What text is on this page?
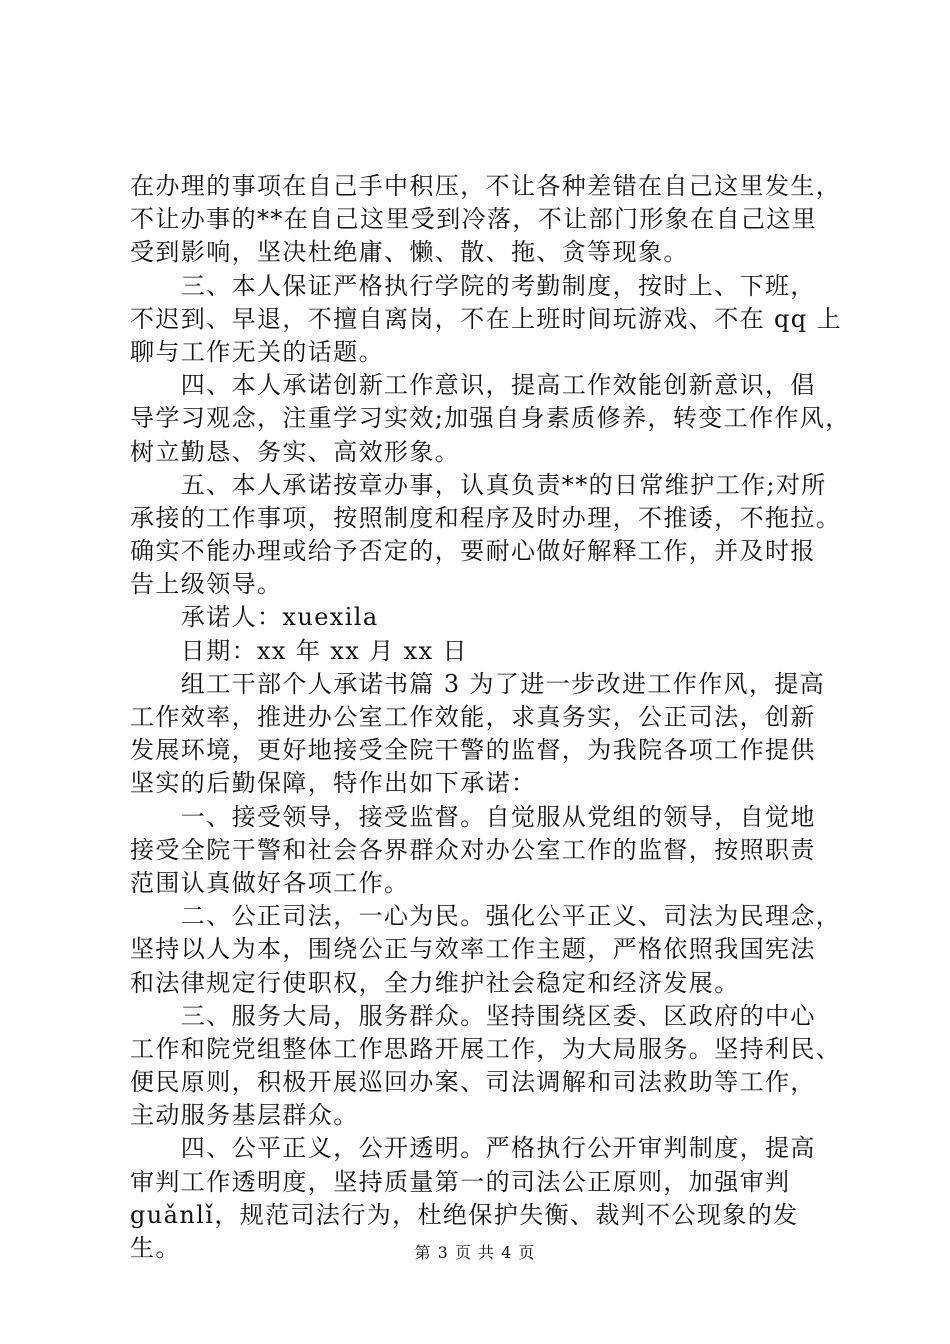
在办理的事项在自己手中积压，不让各种差错在自己这里发生，
不让办事的**在自己这里受到冷落，不让部门形象在自己这里
受到影响，坚决杜绝庸、懒、散、拖、贪等现象。
　　三、本人保证严格执行学院的考勤制度，按时上、下班，
不迟到、早退，不擅自离岗，不在上班时间玩游戏、不在 qq 上
聊与工作无关的话题。
　　四、本人承诺创新工作意识，提高工作效能创新意识，倡
导学习观念，注重学习实效;加强自身素质修养，转变工作作风，
树立勤恳、务实、高效形象。
　　五、本人承诺按章办事，认真负责**的日常维护工作;对所
承接的工作事项，按照制度和程序及时办理，不推诿，不拖拉。
确实不能办理或给予否定的，要耐心做好解释工作，并及时报
告上级领导。
　　承诺人：xuexila
　　日期：xx 年 xx 月 xx 日
　　组工干部个人承诺书篇 3 为了进一步改进工作作风，提高
工作效率，推进办公室工作效能，求真务实，公正司法，创新
发展环境，更好地接受全院干警的监督，为我院各项工作提供
坚实的后勤保障，特作出如下承诺：
　　一、接受领导，接受监督。自觉服从党组的领导，自觉地
接受全院干警和社会各界群众对办公室工作的监督，按照职责
范围认真做好各项工作。
　　二、公正司法，一心为民。强化公平正义、司法为民理念，
坚持以人为本，围绕公正与效率工作主题，严格依照我国宪法
和法律规定行使职权，全力维护社会稳定和经济发展。
　　三、服务大局，服务群众。坚持围绕区委、区政府的中心
工作和院党组整体工作思路开展工作，为大局服务。坚持利民、
便民原则，积极开展巡回办案、司法调解和司法救助等工作，
主动服务基层群众。
　　四、公平正义，公开透明。严格执行公开审判制度，提高
审判工作透明度，坚持质量第一的司法公正原则，加强审判
guǎnlǐ，规范司法行为，杜绝保护失衡、裁判不公现象的发
生。	第 3 页 共 4 页
